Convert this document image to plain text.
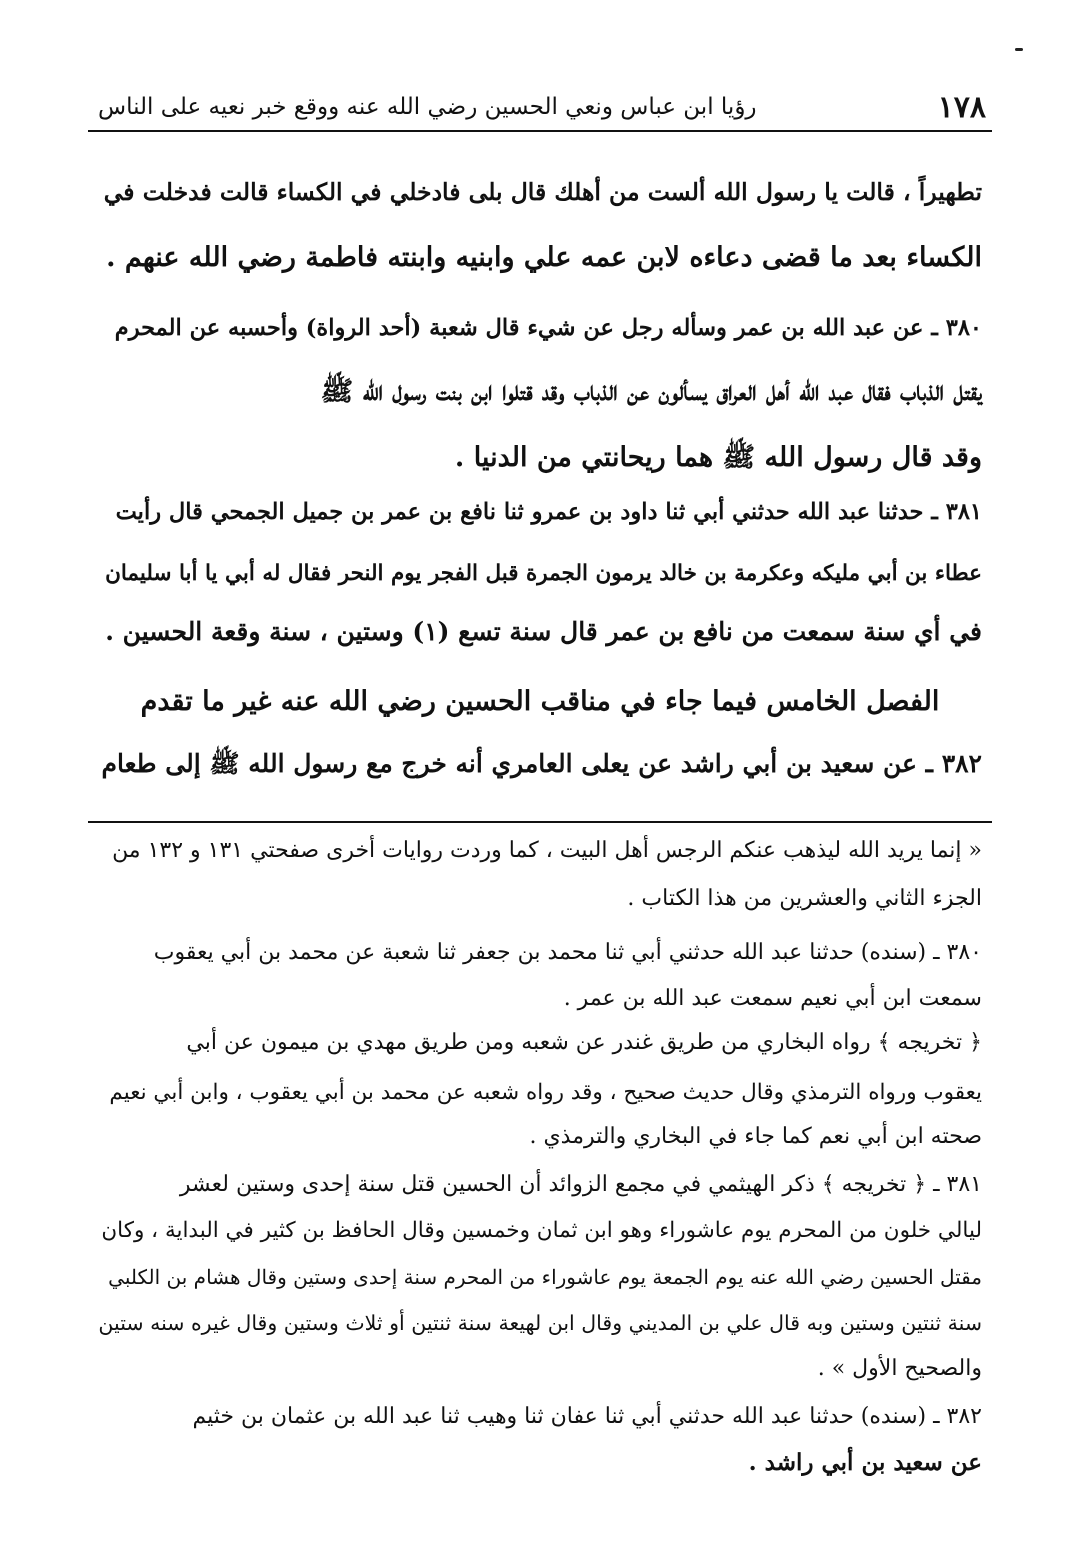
١٧٨
رؤيا ابن عباس ونعي الحسين رضي الله عنه ووقع خبر نعيه على الناس
تطهيراً ، قالت يا رسول الله ألست من أهلك قال بلى فادخلي في الكساء قالت فدخلت في
الكساء بعد ما قضى دعاءه لابن عمه علي وابنيه وابنته فاطمة رضي الله عنهم .
٣٨٠ ـ عن عبد الله بن عمر وسأله رجل عن شيء قال شعبة (أحد الرواة) وأحسبه عن المحرم
يقتل الذباب فقال عبد الله أهل العراق يسألون عن الذباب وقد قتلوا ابن بنت رسول الله ﷺ
وقد قال رسول الله ﷺ هما ريحانتي من الدنيا .
٣٨١ ـ حدثنا عبد الله حدثني أبي ثنا داود بن عمرو ثنا نافع بن عمر بن جميل الجمحي قال رأيت
عطاء بن أبي مليكه وعكرمة بن خالد يرمون الجمرة قبل الفجر يوم النحر فقال له أبي يا أبا سليمان
في أي سنة سمعت من نافع بن عمر قال سنة تسع (١) وستين ، سنة وقعة الحسين .
الفصل الخامس فيما جاء في مناقب الحسين رضي الله عنه غير ما تقدم
٣٨٢ ـ عن سعيد بن أبي راشد عن يعلى العامري أنه خرج مع رسول الله ﷺ إلى طعام
« إنما يريد الله ليذهب عنكم الرجس أهل البيت ، كما وردت روايات أخرى صفحتي ١٣١ و ١٣٢ من
الجزء الثاني والعشرين من هذا الكتاب .
٣٨٠ ـ (سنده) حدثنا عبد الله حدثني أبي ثنا محمد بن جعفر ثنا شعبة عن محمد بن أبي يعقوب
سمعت ابن أبي نعيم سمعت عبد الله بن عمر .
﴿ تخريجه ﴾ رواه البخاري من طريق غندر عن شعبه ومن طريق مهدي بن ميمون عن أبي
يعقوب ورواه الترمذي وقال حديث صحيح ، وقد رواه شعبه عن محمد بن أبي يعقوب ، وابن أبي نعيم
صحته ابن أبي نعم كما جاء في البخاري والترمذي .
٣٨١ ـ ﴿ تخريجه ﴾ ذكر الهيثمي في مجمع الزوائد أن الحسين قتل سنة إحدى وستين لعشر
ليالي خلون من المحرم يوم عاشوراء وهو ابن ثمان وخمسين وقال الحافظ بن كثير في البداية ، وكان
مقتل الحسين رضي الله عنه يوم الجمعة يوم عاشوراء من المحرم سنة إحدى وستين وقال هشام بن الكلبي
سنة ثنتين وستين وبه قال علي بن المديني وقال ابن لهيعة سنة ثنتين أو ثلاث وستين وقال غيره سنه ستين
والصحيح الأول » .
٣٨٢ ـ (سنده) حدثنا عبد الله حدثني أبي ثنا عفان ثنا وهيب ثنا عبد الله بن عثمان بن خثيم
عن سعيد بن أبي راشد .
